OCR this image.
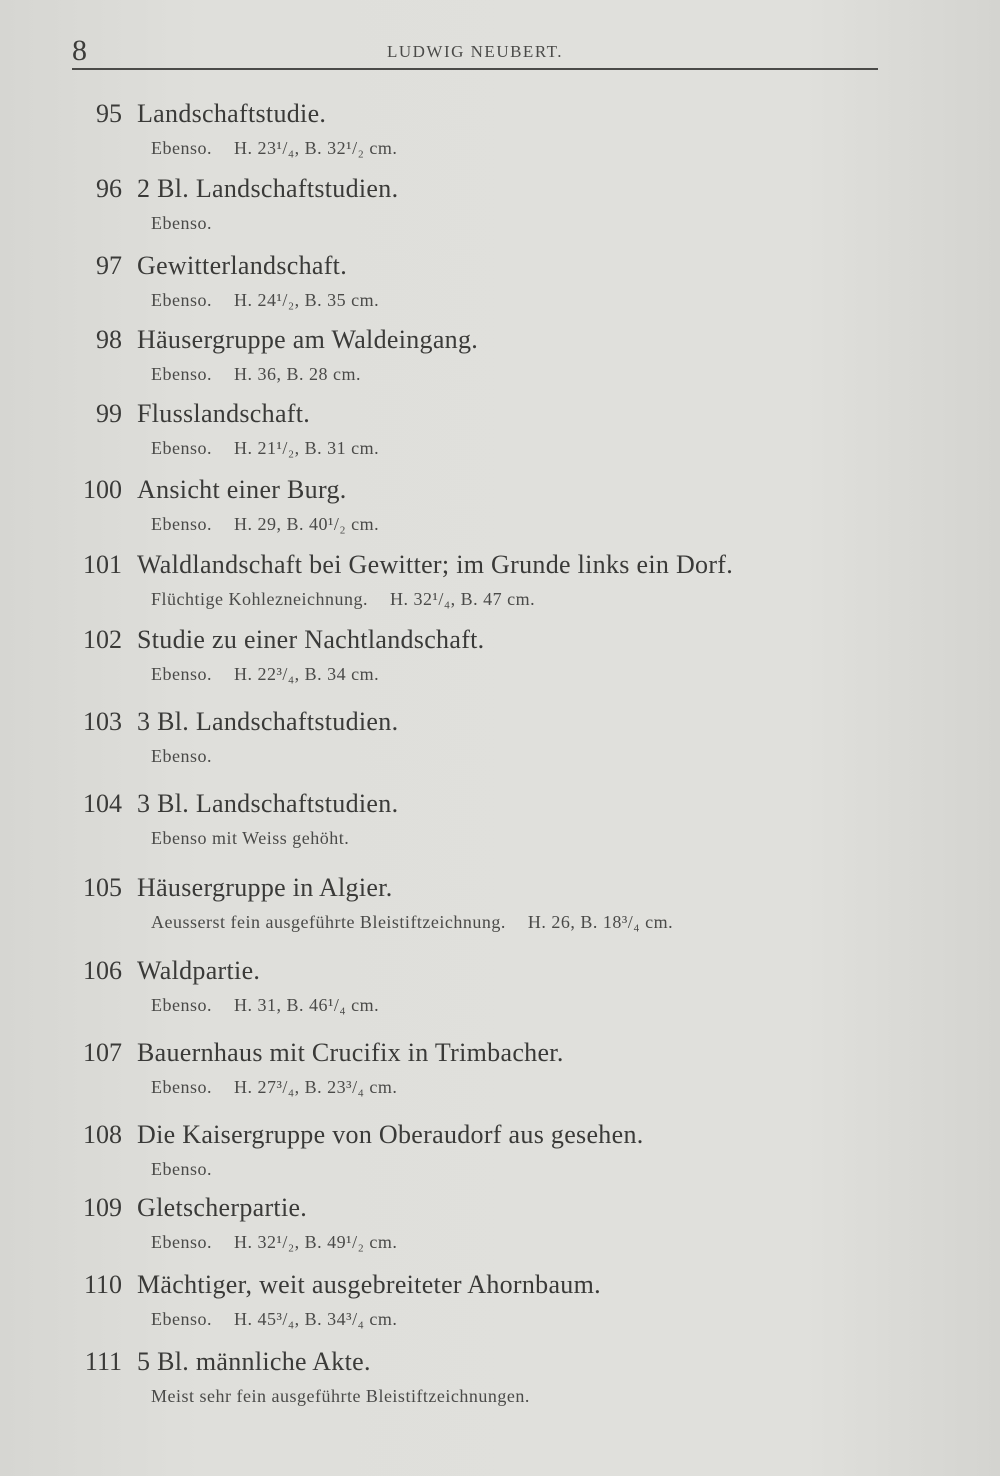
8	LUDWIG NEUBERT.
95 Landschaftstudie.
Ebenso. H. 23¹/₄, B. 32¹/₂ cm.
96 2 Bl. Landschaftstudien.
Ebenso.
97 Gewitterlandschaft.
Ebenso. H. 24¹/₂, B. 35 cm.
98 Häusergruppe am Waldeingang.
Ebenso. H. 36, B. 28 cm.
99 Flusslandschaft.
Ebenso. H. 21¹/₂, B. 31 cm.
100 Ansicht einer Burg.
Ebenso. H. 29, B. 40¹/₂ cm.
101 Waldlandschaft bei Gewitter; im Grunde links ein Dorf.
Flüchtige Kohlezneichnung. H. 32¹/₄, B. 47 cm.
102 Studie zu einer Nachtlandschaft.
Ebenso. H. 22³/₄, B. 34 cm.
103 3 Bl. Landschaftstudien.
Ebenso.
104 3 Bl. Landschaftstudien.
Ebenso mit Weiss gehöht.
105 Häusergruppe in Algier.
Aeusserst fein ausgeführte Bleistiftzeichnung. H. 26, B. 18³/₄ cm.
106 Waldpartie.
Ebenso. H. 31, B. 46¹/₄ cm.
107 Bauernhaus mit Crucifix in Trimbacher.
Ebenso. H. 27³/₄, B. 23³/₄ cm.
108 Die Kaisergruppe von Oberaudorf aus gesehen.
Ebenso.
109 Gletscherpartie.
Ebenso. H. 32¹/₂, B. 49¹/₂ cm.
110 Mächtiger, weit ausgebreiteter Ahornbaum.
Ebenso. H. 45³/₄, B. 34³/₄ cm.
111 5 Bl. männliche Akte.
Meist sehr fein ausgeführte Bleistiftzeichnungen.
